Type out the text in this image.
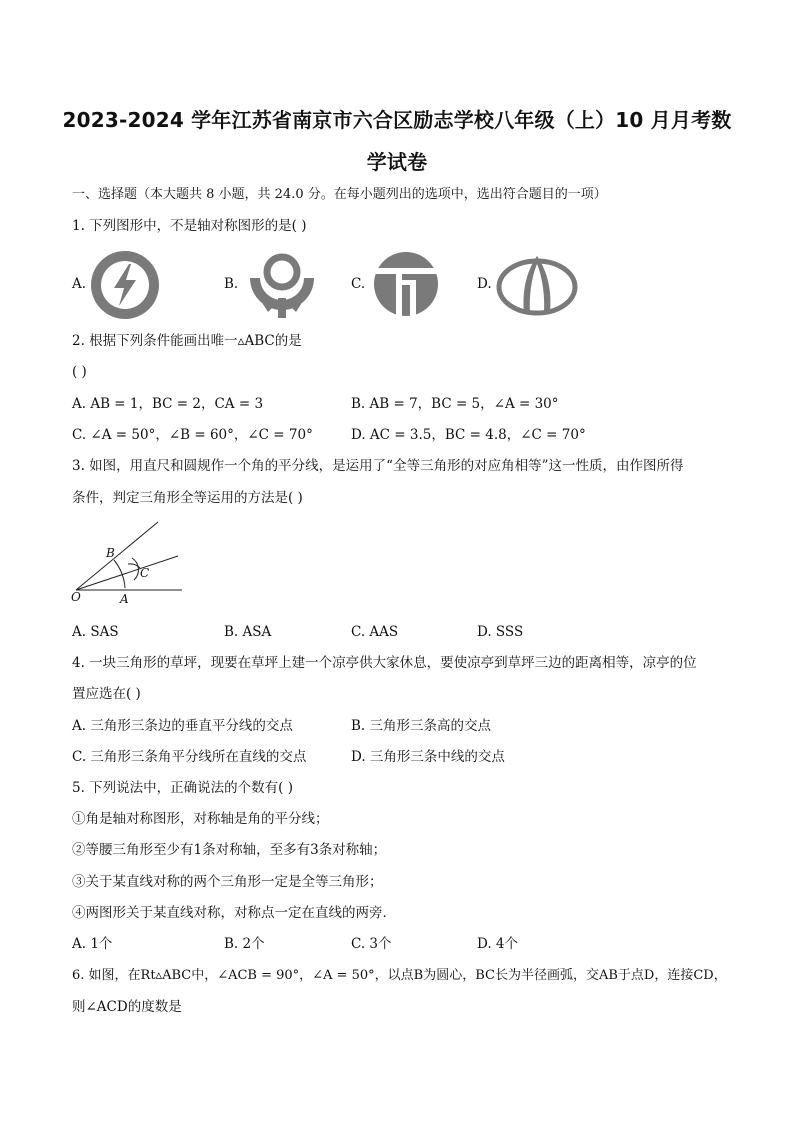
2023-2024 学年江苏省南京市六合区励志学校八年级（上）10 月月考数
学试卷
一、选择题（本大题共 8 小题，共 24.0 分。在每小题列出的选项中，选出符合题目的一项）
1. 下列图形中，不是轴对称图形的是( )
A.	B.	C.	D.
2. 根据下列条件能画出唯一▵ABC的是
( )
A. AB = 1，BC = 2，CA = 3	B. AB = 7，BC = 5，∠A = 30°
C. ∠A = 50°，∠B = 60°，∠C = 70°	D. AC = 3.5，BC = 4.8，∠C = 70°
3. 如图，用直尺和圆规作一个角的平分线，是运用了“全等三角形的对应角相等”这一性质，由作图所得
条件，判定三角形全等运用的方法是( )
O	A
B
C
A. SAS	B. ASA	C. AAS	D. SSS
4. 一块三角形的草坪，现要在草坪上建一个凉亭供大家休息，要使凉亭到草坪三边的距离相等，凉亭的位
置应选在( )
A. 三角形三条边的垂直平分线的交点	B. 三角形三条高的交点
C. 三角形三条角平分线所在直线的交点	D. 三角形三条中线的交点
5. 下列说法中，正确说法的个数有( )
①角是轴对称图形，对称轴是角的平分线；
②等腰三角形至少有1条对称轴，至多有3条对称轴；
③关于某直线对称的两个三角形一定是全等三角形；
④两图形关于某直线对称，对称点一定在直线的两旁．
A. 1个	B. 2个	C. 3个	D. 4个
6. 如图，在Rt▵ABC中，∠ACB = 90°，∠A = 50°，以点B为圆心，BC长为半径画弧，交AB于点D，连接CD，
则∠ACD的度数是
